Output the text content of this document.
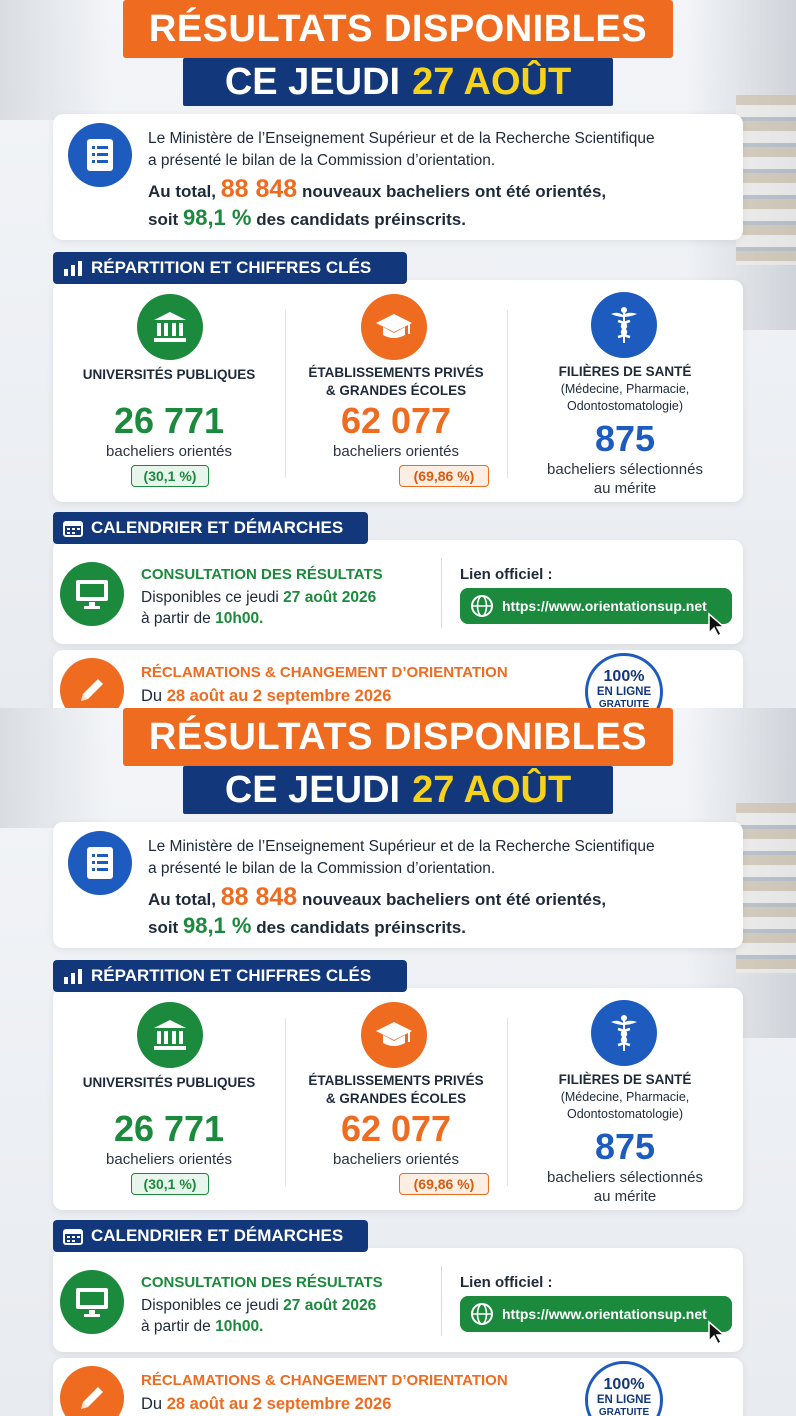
RÉSULTATS DISPONIBLES
CE JEUDI 27 AOÛT
Le Ministère de l’Enseignement Supérieur et de la Recherche Scientifique
a présenté le bilan de la Commission d’orientation.
Au total, 88 848 nouveaux bacheliers ont été orientés,
soit 98,1 % des candidats préinscrits.
UNIVERSITÉS PUBLIQUES
26 771
bacheliers orientés
(30,1 %)
ÉTABLISSEMENTS PRIVÉS
& GRANDES ÉCOLES
62 077
bacheliers orientés
(69,86 %)
FILIÈRES DE SANTÉ
(Médecine, Pharmacie,
Odontostomatologie)
875
bacheliers sélectionnés
au mérite
RÉPARTITION ET CHIFFRES CLÉS
CONSULTATION DES RÉSULTATS
Disponibles ce jeudi 27 août 2026
à partir de 10h00.
Lien officiel :
https://www.orientationsup.net
CALENDRIER ET DÉMARCHES
RÉCLAMATIONS & CHANGEMENT D’ORIENTATION
Du 28 août au 2 septembre 2026
100%
EN LIGNE
GRATUITE
RÉSULTATS DISPONIBLES
CE JEUDI 27 AOÛT
Le Ministère de l’Enseignement Supérieur et de la Recherche Scientifique
a présenté le bilan de la Commission d’orientation.
Au total, 88 848 nouveaux bacheliers ont été orientés,
soit 98,1 % des candidats préinscrits.
UNIVERSITÉS PUBLIQUES
26 771
bacheliers orientés
(30,1 %)
ÉTABLISSEMENTS PRIVÉS
& GRANDES ÉCOLES
62 077
bacheliers orientés
(69,86 %)
FILIÈRES DE SANTÉ
(Médecine, Pharmacie,
Odontostomatologie)
875
bacheliers sélectionnés
au mérite
RÉPARTITION ET CHIFFRES CLÉS
CONSULTATION DES RÉSULTATS
Disponibles ce jeudi 27 août 2026
à partir de 10h00.
Lien officiel :
https://www.orientationsup.net
CALENDRIER ET DÉMARCHES
RÉCLAMATIONS & CHANGEMENT D’ORIENTATION
Du 28 août au 2 septembre 2026
100%
EN LIGNE
GRATUITE
